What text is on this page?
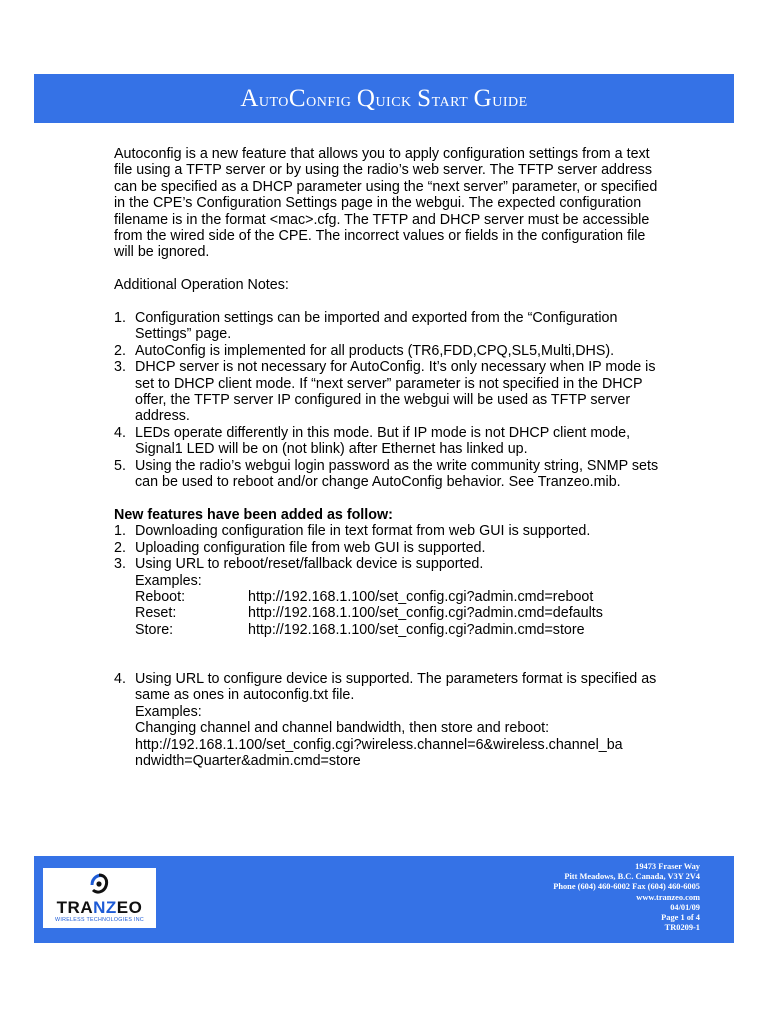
AutoConfig Quick Start Guide

Autoconfig is a new feature that allows you to apply configuration settings from a text file using a TFTP server or by using the radio’s web server. The TFTP server address can be specified as a DHCP parameter using the “next server” parameter, or specified in the CPE’s Configuration Settings page in the webgui. The expected configuration filename is in the format <mac>.cfg. The TFTP and DHCP server must be accessible from the wired side of the CPE. The incorrect values or fields in the configuration file will be ignored.

Additional Operation Notes:

1. Configuration settings can be imported and exported from the “Configuration Settings” page.
2. AutoConfig is implemented for all products (TR6,FDD,CPQ,SL5,Multi,DHS).
3. DHCP server is not necessary for AutoConfig. It’s only necessary when IP mode is set to DHCP client mode. If “next server” parameter is not specified in the DHCP offer, the TFTP server IP configured in the webgui will be used as TFTP server address.
4. LEDs operate differently in this mode. But if IP mode is not DHCP client mode, Signal1 LED will be on (not blink) after Ethernet has linked up.
5. Using the radio’s webgui login password as the write community string, SNMP sets can be used to reboot and/or change AutoConfig behavior. See Tranzeo.mib.

New features have been added as follow:

1. Downloading configuration file in text format from web GUI is supported.
2. Uploading configuration file from web GUI is supported.
3. Using URL to reboot/reset/fallback device is supported.
Examples:
Reboot:	http://192.168.1.100/set_config.cgi?admin.cmd=reboot
Reset:	http://192.168.1.100/set_config.cgi?admin.cmd=defaults
Store:	http://192.168.1.100/set_config.cgi?admin.cmd=store
4. Using URL to configure device is supported. The parameters format is specified as same as ones in autoconfig.txt file.
Examples:
Changing channel and channel bandwidth, then store and reboot:
http://192.168.1.100/set_config.cgi?wireless.channel=6&wireless.channel_ba
ndwidth=Quarter&admin.cmd=store
TRANZEO
WIRELESS TECHNOLOGIES INC
19473 Fraser Way
Pitt Meadows, B.C. Canada, V3Y 2V4
Phone (604) 460-6002 Fax (604) 460-6005
www.tranzeo.com
04/01/09
Page 1 of 4
TR0209-1
